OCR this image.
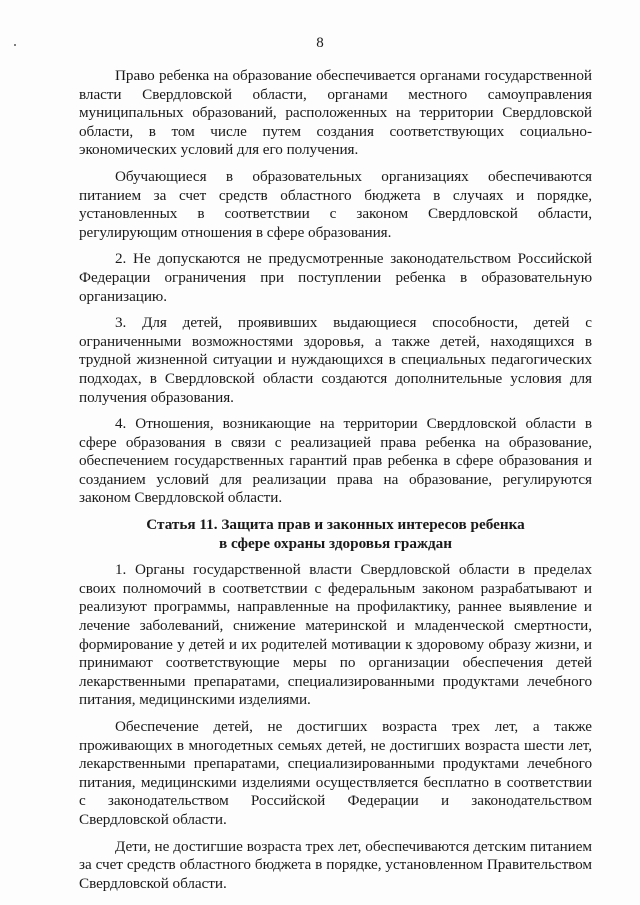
8

Право ребенка на образование обеспечивается органами государственной власти Свердловской области, органами местного самоуправления муниципальных образований, расположенных на территории Свердловской области, в том числе путем создания соответствующих социально-экономических условий для его получения.

Обучающиеся в образовательных организациях обеспечиваются питанием за счет средств областного бюджета в случаях и порядке, установленных в соответствии с законом Свердловской области, регулирующим отношения в сфере образования.

2. Не допускаются не предусмотренные законодательством Российской Федерации ограничения при поступлении ребенка в образовательную организацию.

3. Для детей, проявивших выдающиеся способности, детей с ограниченными возможностями здоровья, а также детей, находящихся в трудной жизненной ситуации и нуждающихся в специальных педагогических подходах, в Свердловской области создаются дополнительные условия для получения образования.

4. Отношения, возникающие на территории Свердловской области в сфере образования в связи с реализацией права ребенка на образование, обеспечением государственных гарантий прав ребенка в сфере образования и созданием условий для реализации права на образование, регулируются законом Свердловской области.

Статья 11. Защита прав и законных интересов ребенка
в сфере охраны здоровья граждан

1. Органы государственной власти Свердловской области в пределах своих полномочий в соответствии с федеральным законом разрабатывают и реализуют программы, направленные на профилактику, раннее выявление и лечение заболеваний, снижение материнской и младенческой смертности, формирование у детей и их родителей мотивации к здоровому образу жизни, и принимают соответствующие меры по организации обеспечения детей лекарственными препаратами, специализированными продуктами лечебного питания, медицинскими изделиями.

Обеспечение детей, не достигших возраста трех лет, а также проживающих в многодетных семьях детей, не достигших возраста шести лет, лекарственными препаратами, специализированными продуктами лечебного питания, медицинскими изделиями осуществляется бесплатно в соответствии с законодательством Российской Федерации и законодательством Свердловской области.

Дети, не достигшие возраста трех лет, обеспечиваются детским питанием за счет средств областного бюджета в порядке, установленном Правительством Свердловской области.
